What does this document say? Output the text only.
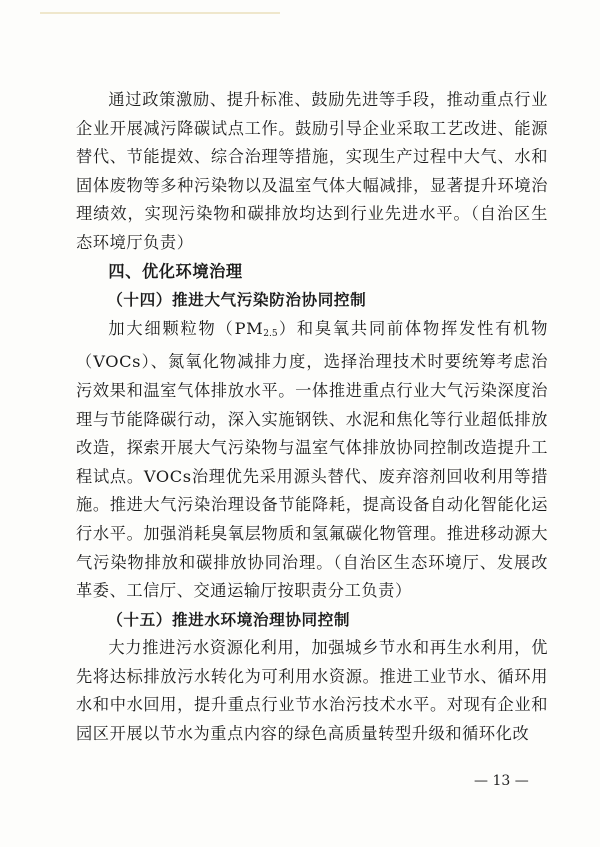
通过政策激励、提升标准、鼓励先进等手段，推动重点行业企业开展减污降碳试点工作。鼓励引导企业采取工艺改进、能源替代、节能提效、综合治理等措施，实现生产过程中大气、水和固体废物等多种污染物以及温室气体大幅减排，显著提升环境治理绩效，实现污染物和碳排放均达到行业先进水平。（自治区生态环境厅负责）

四、优化环境治理

（十四）推进大气污染防治协同控制

加大细颗粒物$(PM_{2.5})$和臭氧共同前体物挥发性有机物（VOCs）、氮氧化物减排力度，选择治理技术时要统筹考虑治污效果和温室气体排放水平。一体推进重点行业大气污染深度治理与节能降碳行动，深入实施钢铁、水泥和焦化等行业超低排放改造，探索开展大气污染物与温室气体排放协同控制改造提升工程试点。VOCs治理优先采用源头替代、废弃溶剂回收利用等措施。推进大气污染治理设备节能降耗，提高设备自动化智能化运行水平。加强消耗臭氧层物质和氢氟碳化物管理。推进移动源大气污染物排放和碳排放协同治理。（自治区生态环境厅、发展改革委、工信厅、交通运输厅按职责分工负责）

（十五）推进水环境治理协同控制

大力推进污水资源化利用，加强城乡节水和再生水利用，优先将达标排放污水转化为可利用水资源。推进工业节水、循环用水和中水回用，提升重点行业节水治污技术水平。对现有企业和园区开展以节水为重点内容的绿色高质量转型升级和循环化改

— 13 —
